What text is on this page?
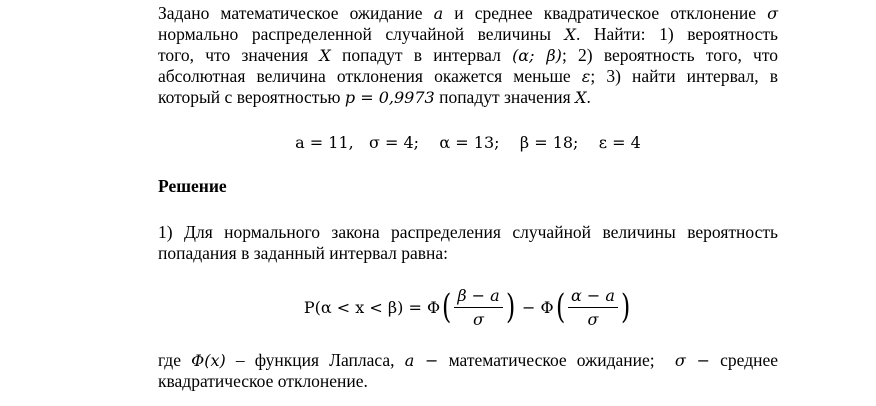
Задано математическое ожидание a и среднее квадратическое отклонение σ
нормально распределенной случайной величины X. Найти: 1) вероятность
того, что значения X попадут в интервал (α; β); 2) вероятность того, что
абсолютная величина отклонения окажется меньше ε; 3) найти интервал, в
который с вероятностью p = 0,9973 попадут значения X.
a = 11,   σ = 4;    α = 13;    β = 18;    ε = 4
Решение
1) Для нормального закона распределения случайной величины вероятность
попадания в заданный интервал равна:
P(α < x < β) = Φ ( $\frac{\beta - a}{\sigma}$ ) − Φ ( $\frac{\alpha - a}{\sigma}$ )
где Φ(x) – функция Лапласа, a − математическое ожидание;  σ − среднее
квадратическое отклонение.
